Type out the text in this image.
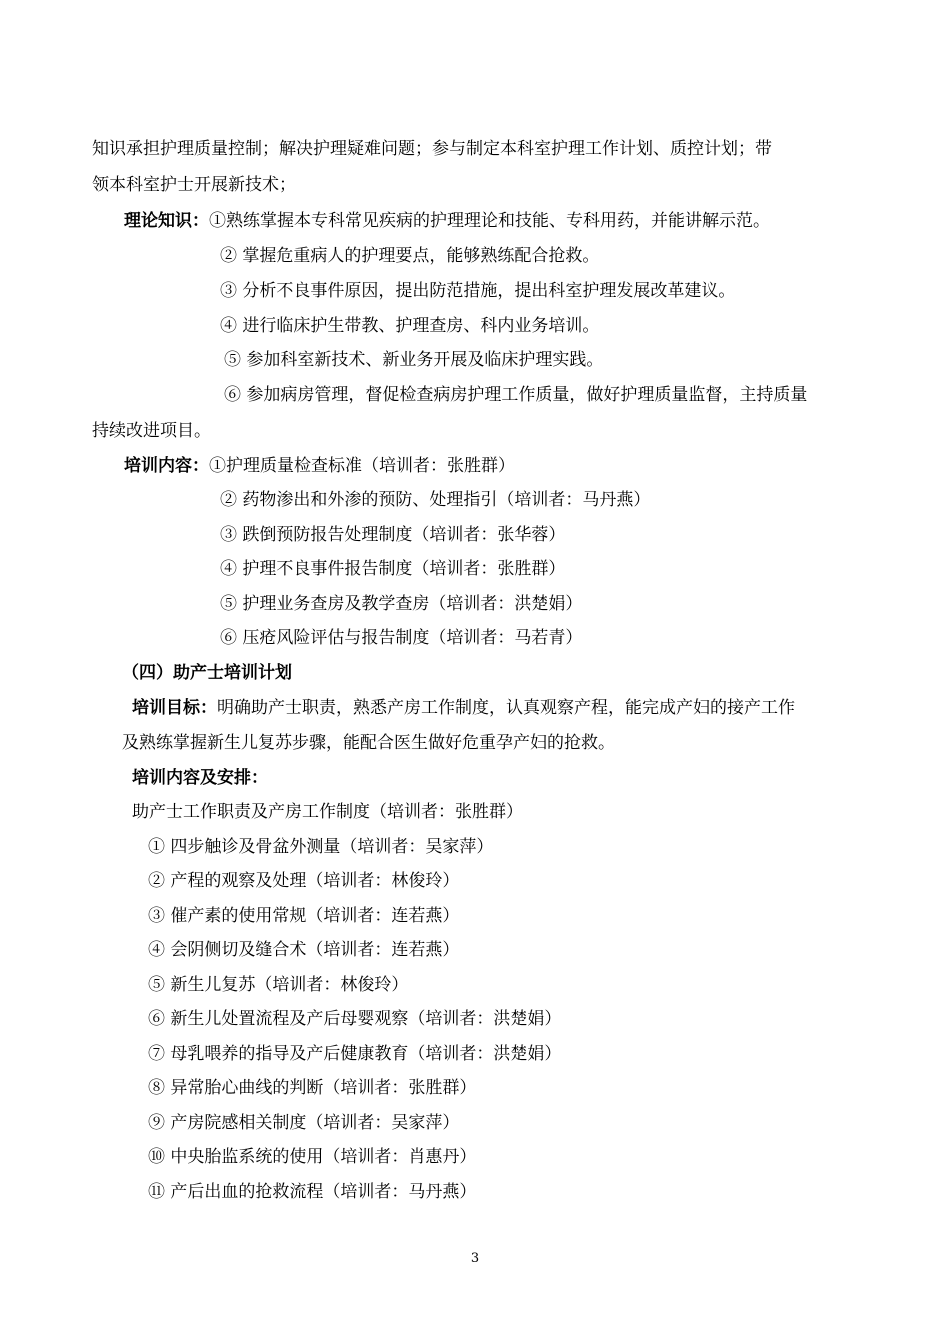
知识承担护理质量控制；解决护理疑难问题；参与制定本科室护理工作计划、质控计划；带
领本科室护士开展新技术；
理论知识：①熟练掌握本专科常见疾病的护理理论和技能、专科用药，并能讲解示范。
② 掌握危重病人的护理要点，能够熟练配合抢救。
③ 分析不良事件原因，提出防范措施，提出科室护理发展改革建议。
④ 进行临床护生带教、护理查房、科内业务培训。
⑤ 参加科室新技术、新业务开展及临床护理实践。
⑥ 参加病房管理，督促检查病房护理工作质量，做好护理质量监督，主持质量
持续改进项目。
培训内容：①护理质量检查标准（培训者：张胜群）
② 药物渗出和外渗的预防、处理指引（培训者：马丹燕）
③ 跌倒预防报告处理制度（培训者：张华蓉）
④ 护理不良事件报告制度（培训者：张胜群）
⑤ 护理业务查房及教学查房（培训者：洪楚娟）
⑥ 压疮风险评估与报告制度（培训者：马若青）
（四）助产士培训计划
培训目标：明确助产士职责，熟悉产房工作制度，认真观察产程，能完成产妇的接产工作
及熟练掌握新生儿复苏步骤，能配合医生做好危重孕产妇的抢救。
培训内容及安排：
助产士工作职责及产房工作制度（培训者：张胜群）
① 四步触诊及骨盆外测量（培训者：吴家萍）
② 产程的观察及处理（培训者：林俊玲）
③ 催产素的使用常规（培训者：连若燕）
④ 会阴侧切及缝合术（培训者：连若燕）
⑤ 新生儿复苏（培训者：林俊玲）
⑥ 新生儿处置流程及产后母婴观察（培训者：洪楚娟）
⑦ 母乳喂养的指导及产后健康教育（培训者：洪楚娟）
⑧ 异常胎心曲线的判断（培训者：张胜群）
⑨ 产房院感相关制度（培训者：吴家萍）
⑩ 中央胎监系统的使用（培训者：肖惠丹）
⑪ 产后出血的抢救流程（培训者：马丹燕）
3
